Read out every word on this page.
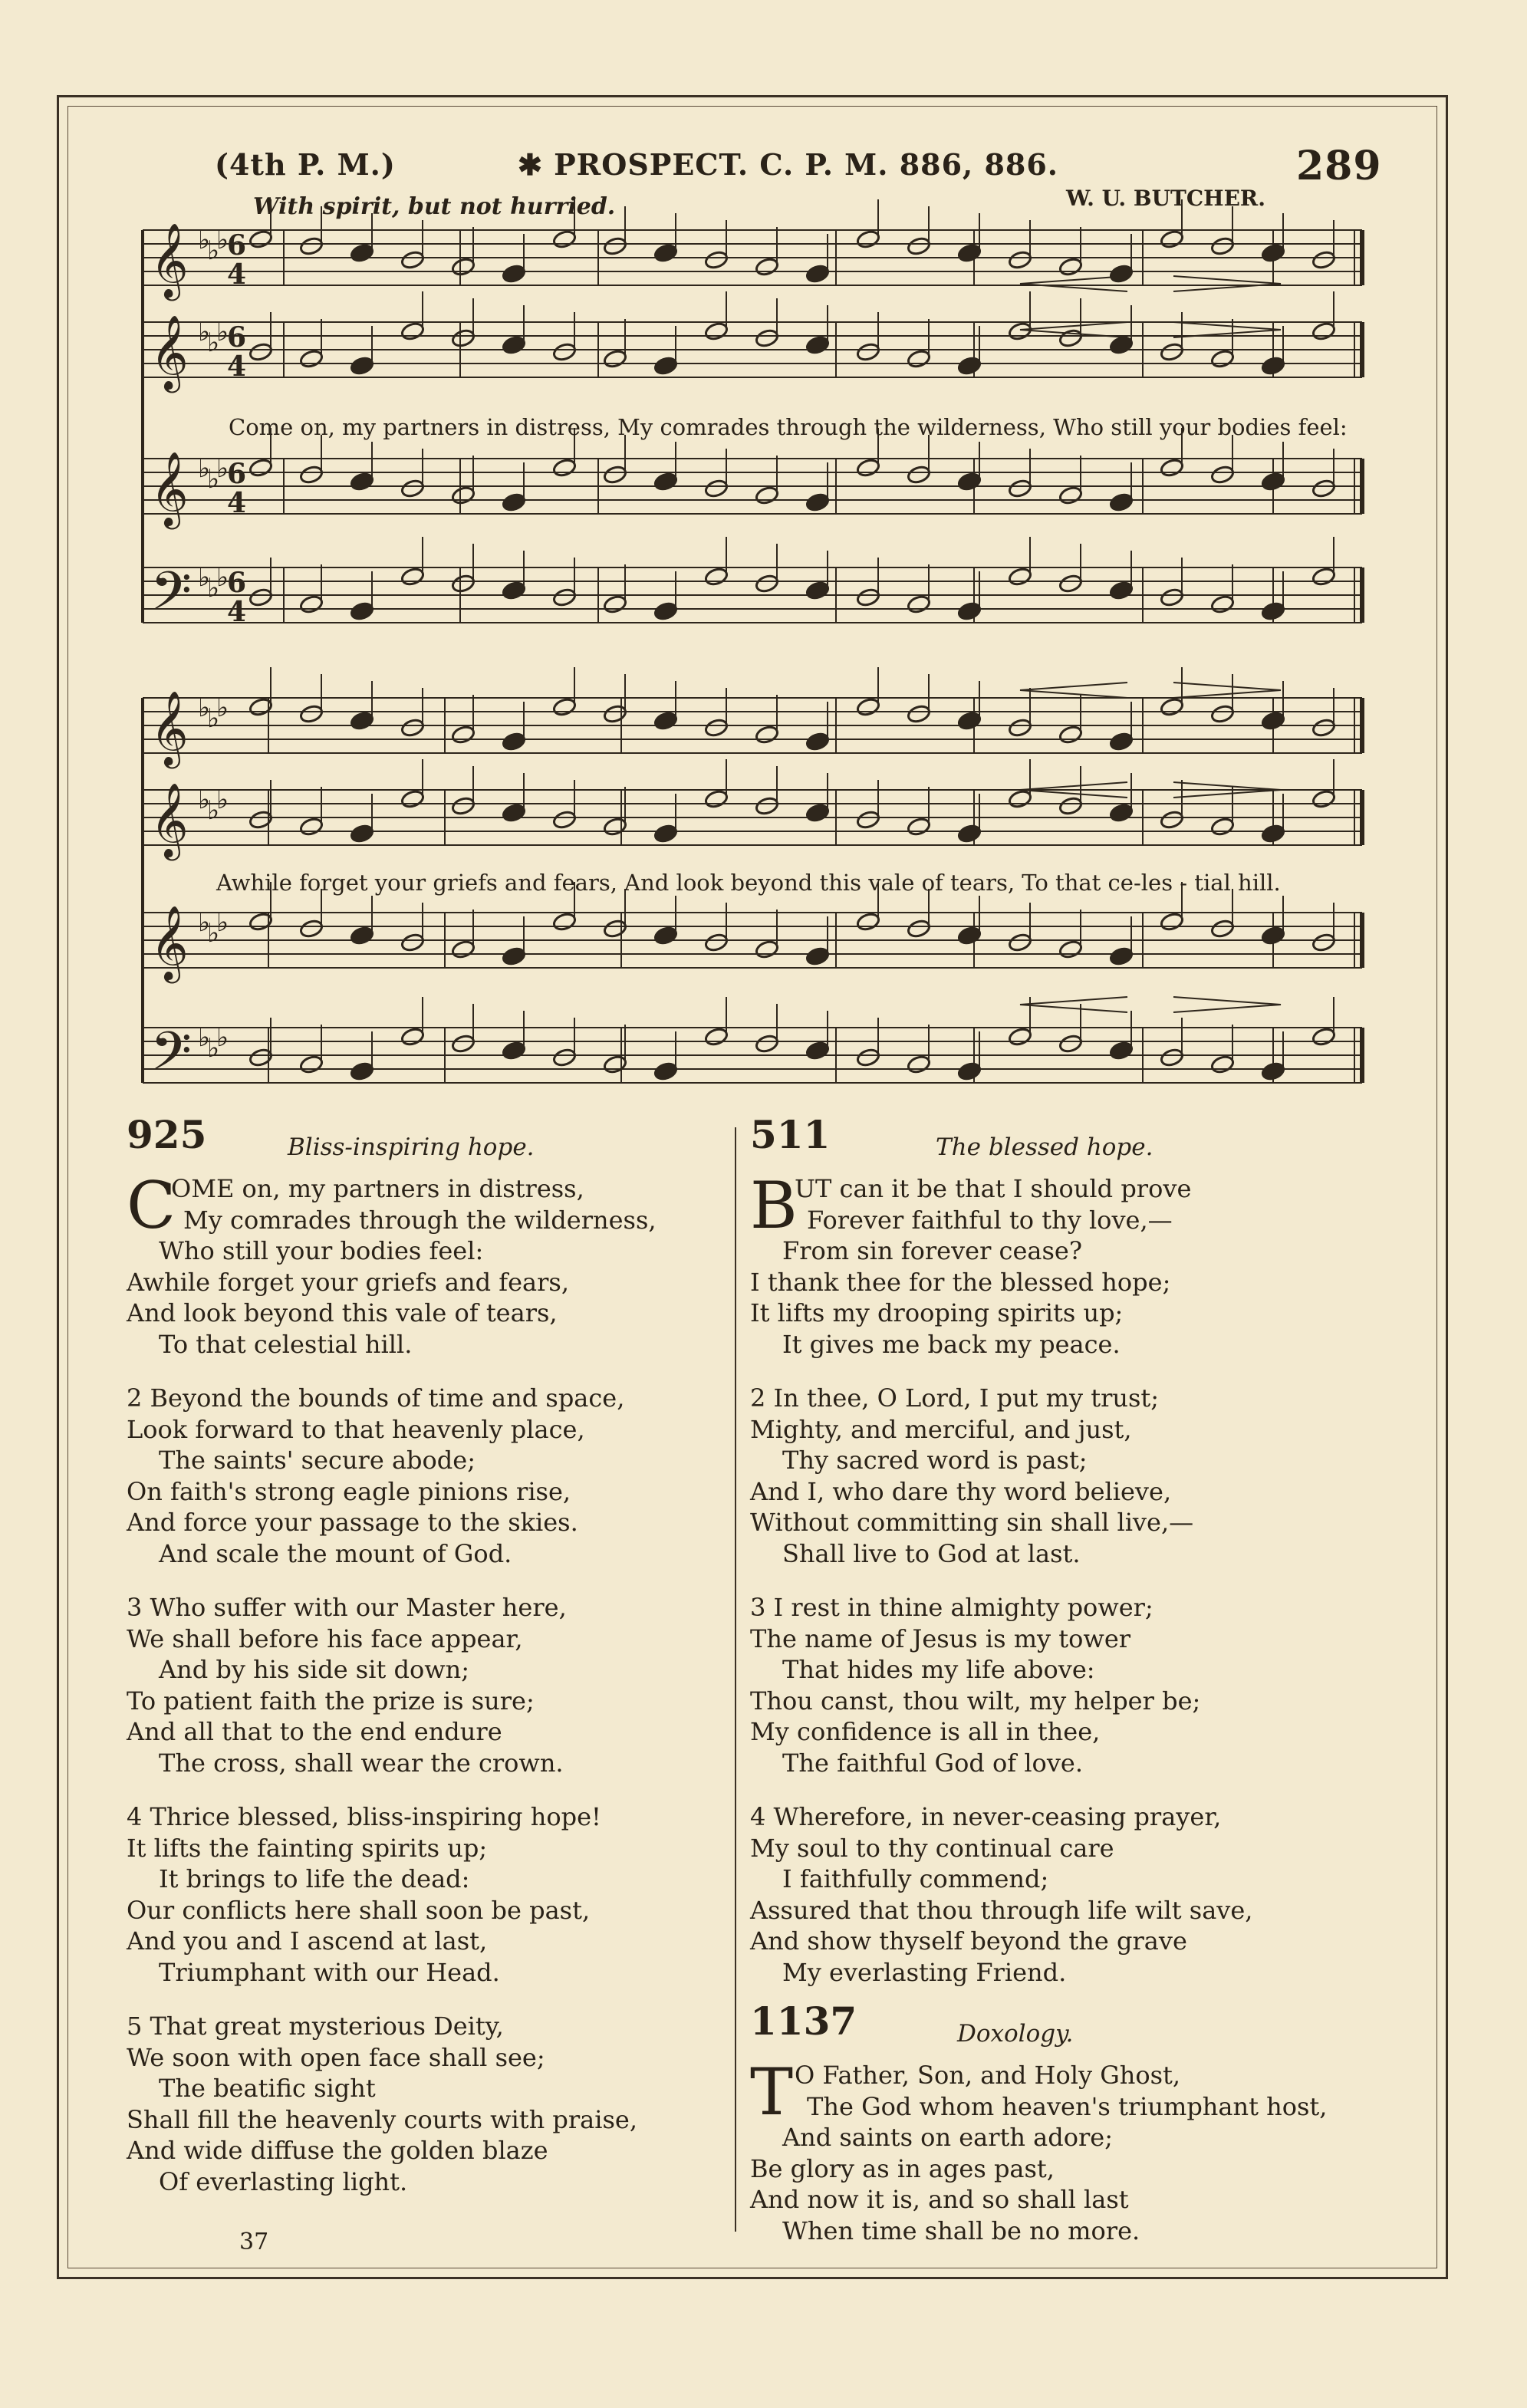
(4th P. M.)	✱ PROSPECT. C. P. M. 886, 886.	289
With spirit, but not hurried.	W. U. BUTCHER.
𝄞 ♭
♭
♭
6
4
𝄞 ♭
♭
♭
6
4
𝄞 ♭
♭
♭
6
4
𝄢 ♭
♭
♭
6
4
𝄞 ♭
♭
♭
𝄞 ♭
♭
♭
𝄞 ♭
♭
♭
𝄢 ♭
♭
♭
Come on, my partners in distress, My comrades through the wilderness, Who still your bodies feel:
Awhile forget your griefs and fears, And look beyond this vale of tears, To that ce-les - tial hill.
925	Bliss-inspiring hope.
C
OME on, my partners in distress,
My comrades through the wilderness,
Who still your bodies feel:
Awhile forget your griefs and fears,
And look beyond this vale of tears,
To that celestial hill.
2 Beyond the bounds of time and space,
Look forward to that heavenly place,
The saints' secure abode;
On faith's strong eagle pinions rise,
And force your passage to the skies.
And scale the mount of God.
3 Who suffer with our Master here,
We shall before his face appear,
And by his side sit down;
To patient faith the prize is sure;
And all that to the end endure
The cross, shall wear the crown.
4 Thrice blessed, bliss-inspiring hope!
It lifts the fainting spirits up;
It brings to life the dead:
Our conflicts here shall soon be past,
And you and I ascend at last,
Triumphant with our Head.
5 That great mysterious Deity,
We soon with open face shall see;
The beatific sight
Shall fill the heavenly courts with praise,
And wide diffuse the golden blaze
Of everlasting light.
511	The blessed hope.
B
UT can it be that I should prove
Forever faithful to thy love,—
From sin forever cease?
I thank thee for the blessed hope;
It lifts my drooping spirits up;
It gives me back my peace.
2 In thee, O Lord, I put my trust;
Mighty, and merciful, and just,
Thy sacred word is past;
And I, who dare thy word believe,
Without committing sin shall live,—
Shall live to God at last.
3 I rest in thine almighty power;
The name of Jesus is my tower
That hides my life above:
Thou canst, thou wilt, my helper be;
My confidence is all in thee,
The faithful God of love.
4 Wherefore, in never-ceasing prayer,
My soul to thy continual care
I faithfully commend;
Assured that thou through life wilt save,
And show thyself beyond the grave
My everlasting Friend.
1137	Doxology.
T O Father, Son, and Holy Ghost,
The God whom heaven's triumphant host,
And saints on earth adore;
Be glory as in ages past,
And now it is, and so shall last
When time shall be no more.
37
